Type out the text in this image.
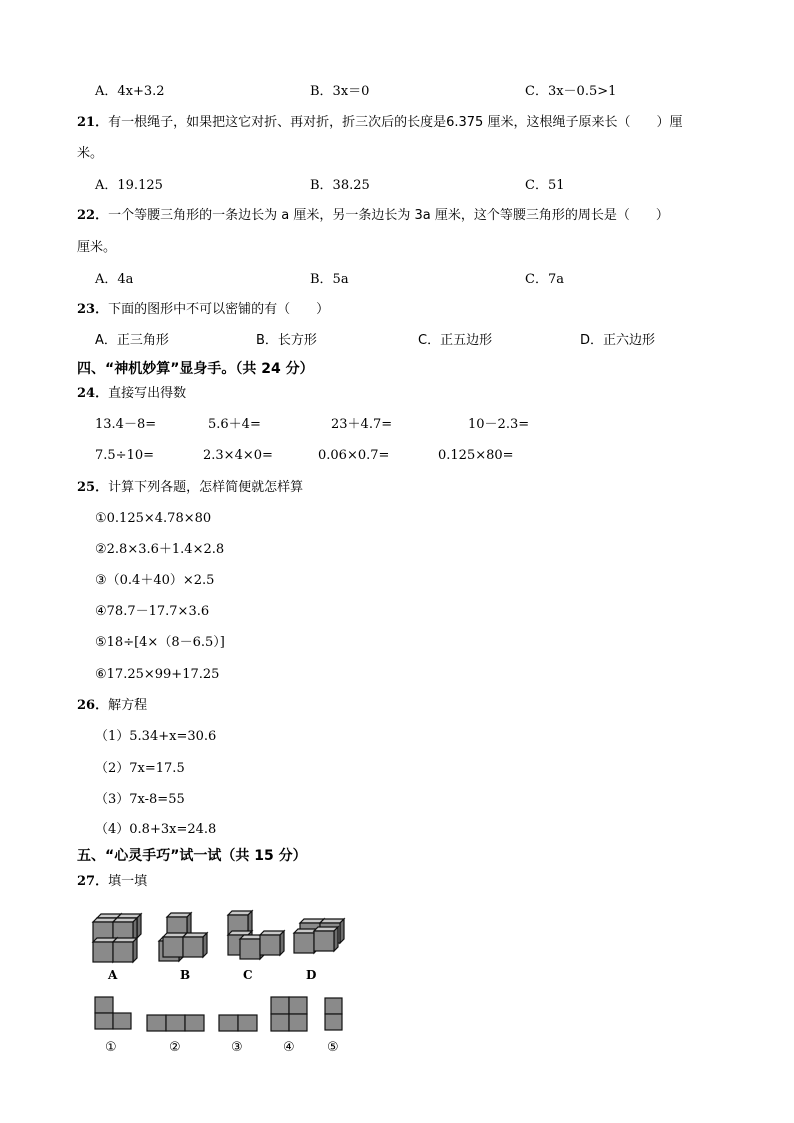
A．4x+3.2	B．3x＝0	C．3x－0.5>1
21．有一根绳子，如果把这它对折、再对折，折三次后的长度是6.375 厘米，这根绳子原来长（　　）厘
米。
A．19.125	B．38.25	C．51
22．一个等腰三角形的一条边长为 a 厘米，另一条边长为 3a 厘米，这个等腰三角形的周长是（　　）
厘米。
A．4a	B．5a	C．7a
23．下面的图形中不可以密铺的有（　　）
A．正三角形	B．长方形	C．正五边形	D．正六边形
四、“神机妙算”显身手。（共 24 分）
24．直接写出得数
13.4－8=	5.6＋4=	23＋4.7=	10－2.3=
7.5÷10=	2.3×4×0=	0.06×0.7=	0.125×80=
25．计算下列各题，怎样简便就怎样算
①0.125×4.78×80
②2.8×3.6＋1.4×2.8
③（0.4＋40）×2.5
④78.7－17.7×3.6
⑤18÷[4×（8－6.5）]
⑥17.25×99+17.25
26．解方程
（1）5.34+x=30.6
（2）7x=17.5
（3）7x-8=55
（4）0.8+3x=24.8
五、“心灵手巧”试一试（共 15 分）
27．填一填
A	B	C	D
①	②	③	④ ⑤
